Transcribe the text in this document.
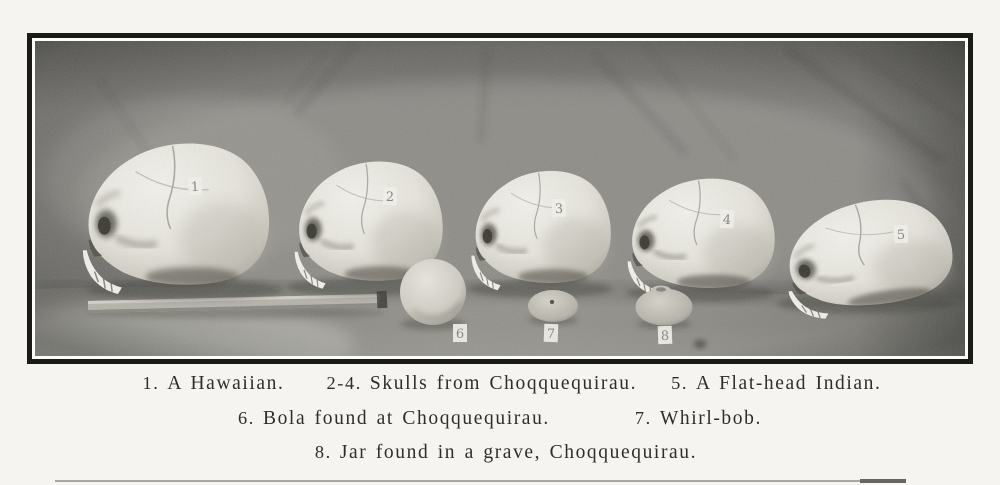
1
2
3
4
5
6	7	8
1. A Hawaiian. 2-4. Skulls from Choqquequirau. 5. A Flat-head Indian.
6. Bola found at Choqquequirau.	7. Whirl-bob.
8. Jar found in a grave, Choqquequirau.
